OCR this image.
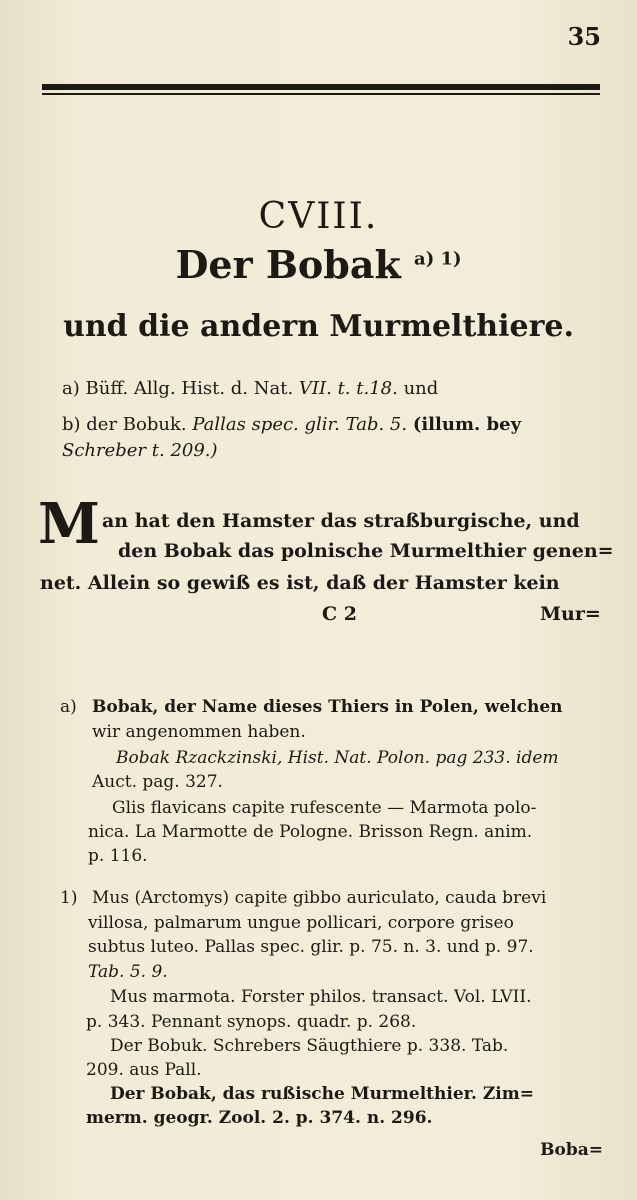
35
CVIII.
Der Bobak $^{a) 1)}$
und die andern Murmelthiere.
a) Büff. Allg. Hist. d. Nat. VII. t. t.18. und
b) der Bobuk. Pallas spec. glir. Tab. 5. (illum. bey
Schreber t. 209.)
M an hat den Hamster das straßburgische, und
den Bobak das polnische Murmelthier genen=
net. Allein so gewiß es ist, daß der Hamster kein
C 2	Mur=
a) Bobak, der Name dieses Thiers in Polen, welchen
wir angenommen haben.
Bobak Rzackzinski, Hist. Nat. Polon. pag 233. idem
Auct. pag. 327.
Glis flavicans capite rufescente — Marmota polo-
nica. La Marmotte de Pologne. Brisson Regn. anim.
p. 116.
1) Mus (Arctomys) capite gibbo auriculato, cauda brevi
villosa, palmarum ungue pollicari, corpore griseo
subtus luteo. Pallas spec. glir. p. 75. n. 3. und p. 97.
Tab. 5. 9.
Mus marmota. Forster philos. transact. Vol. LVII.
p. 343. Pennant synops. quadr. p. 268.
Der Bobuk. Schrebers Säugthiere p. 338. Tab.
209. aus Pall.
Der Bobak, das rußische Murmelthier. Zim=
merm. geogr. Zool. 2. p. 374. n. 296.
Boba=
